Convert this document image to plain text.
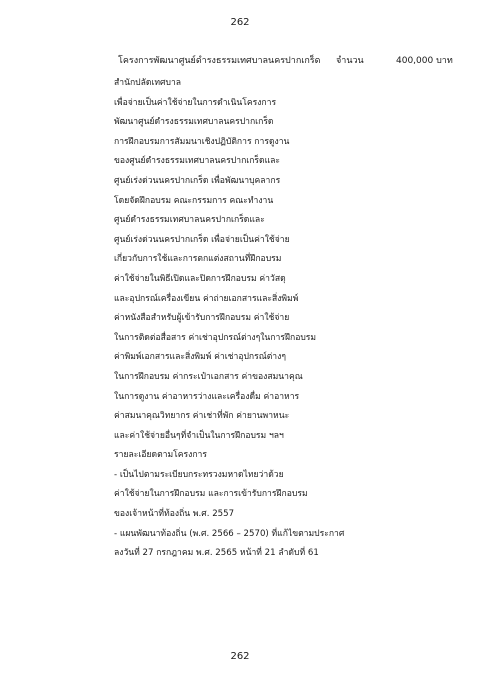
262
โครงการพัฒนาศูนย์ดำรงธรรมเทศบาลนครปากเกร็ด จำนวน	400,000 บาท
สำนักปลัดเทศบาล
เพื่อจ่ายเป็นค่าใช้จ่ายในการดำเนินโครงการ
พัฒนาศูนย์ดำรงธรรมเทศบาลนครปากเกร็ด
การฝึกอบรมการสัมมนาเชิงปฏิบัติการ การดูงาน
ของศูนย์ดำรงธรรมเทศบาลนครปากเกร็ดและ
ศูนย์เร่งด่วนนครปากเกร็ด เพื่อพัฒนาบุคลากร
โดยจัดฝึกอบรม คณะกรรมการ คณะทำงาน
ศูนย์ดำรงธรรมเทศบาลนครปากเกร็ดและ
ศูนย์เร่งด่วนนครปากเกร็ด เพื่อจ่ายเป็นค่าใช้จ่าย
เกี่ยวกับการใช้และการตกแต่งสถานที่ฝึกอบรม
ค่าใช้จ่ายในพิธีเปิดและปิดการฝึกอบรม ค่าวัสดุ
และอุปกรณ์เครื่องเขียน ค่าถ่ายเอกสารและสิ่งพิมพ์
ค่าหนังสือสำหรับผู้เข้ารับการฝึกอบรม ค่าใช้จ่าย
ในการติดต่อสื่อสาร ค่าเช่าอุปกรณ์ต่างๆในการฝึกอบรม
ค่าพิมพ์เอกสารและสิ่งพิมพ์ ค่าเช่าอุปกรณ์ต่างๆ
ในการฝึกอบรม ค่ากระเป๋าเอกสาร ค่าของสมนาคุณ
ในการดูงาน ค่าอาหารว่างและเครื่องดื่ม ค่าอาหาร
ค่าสมนาคุณวิทยากร ค่าเช่าที่พัก ค่ายานพาหนะ
และค่าใช้จ่ายอื่นๆที่จำเป็นในการฝึกอบรม ฯลฯ
รายละเอียดตามโครงการ
- เป็นไปตามระเบียบกระทรวงมหาดไทยว่าด้วย
ค่าใช้จ่ายในการฝึกอบรม และการเข้ารับการฝึกอบรม
ของเจ้าหน้าที่ท้องถิ่น พ.ศ. 2557
- แผนพัฒนาท้องถิ่น (พ.ศ. 2566 – 2570) ที่แก้ไขตามประกาศ
ลงวันที่ 27 กรกฎาคม พ.ศ. 2565 หน้าที่ 21 ลำดับที่ 61
262
